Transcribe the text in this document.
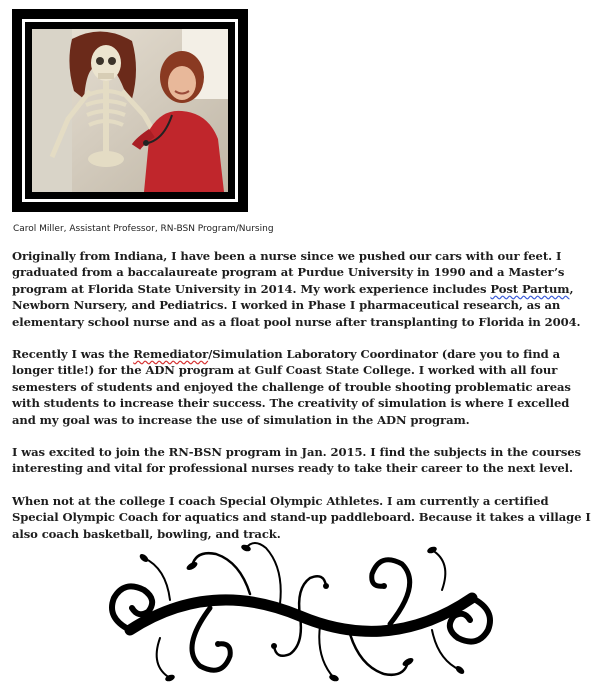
Carol Miller, Assistant Professor, RN-BSN Program/Nursing

Originally from Indiana, I have been a nurse since we pushed our cars with our feet. I graduated from a baccalaureate program at Purdue University in 1990 and a Master’s program at Florida State University in 2014. My work experience includes Post Partum, Newborn Nursery, and Pediatrics. I worked in Phase I pharmaceutical research, as an elementary school nurse and as a float pool nurse after transplanting to Florida in 2004.

Recently I was the Remediator/Simulation Laboratory Coordinator (dare you to find a longer title!) for the ADN program at Gulf Coast State College. I worked with all four semesters of students and enjoyed the challenge of trouble shooting problematic areas with students to increase their success. The creativity of simulation is where I excelled and my goal was to increase the use of simulation in the ADN program.

I was excited to join the RN-BSN program in Jan. 2015. I find the subjects in the courses interesting and vital for professional nurses ready to take their career to the next level.

When not at the college I coach Special Olympic Athletes. I am currently a certified Special Olympic Coach for aquatics and stand-up paddleboard. Because it takes a village I also coach basketball, bowling, and track.
